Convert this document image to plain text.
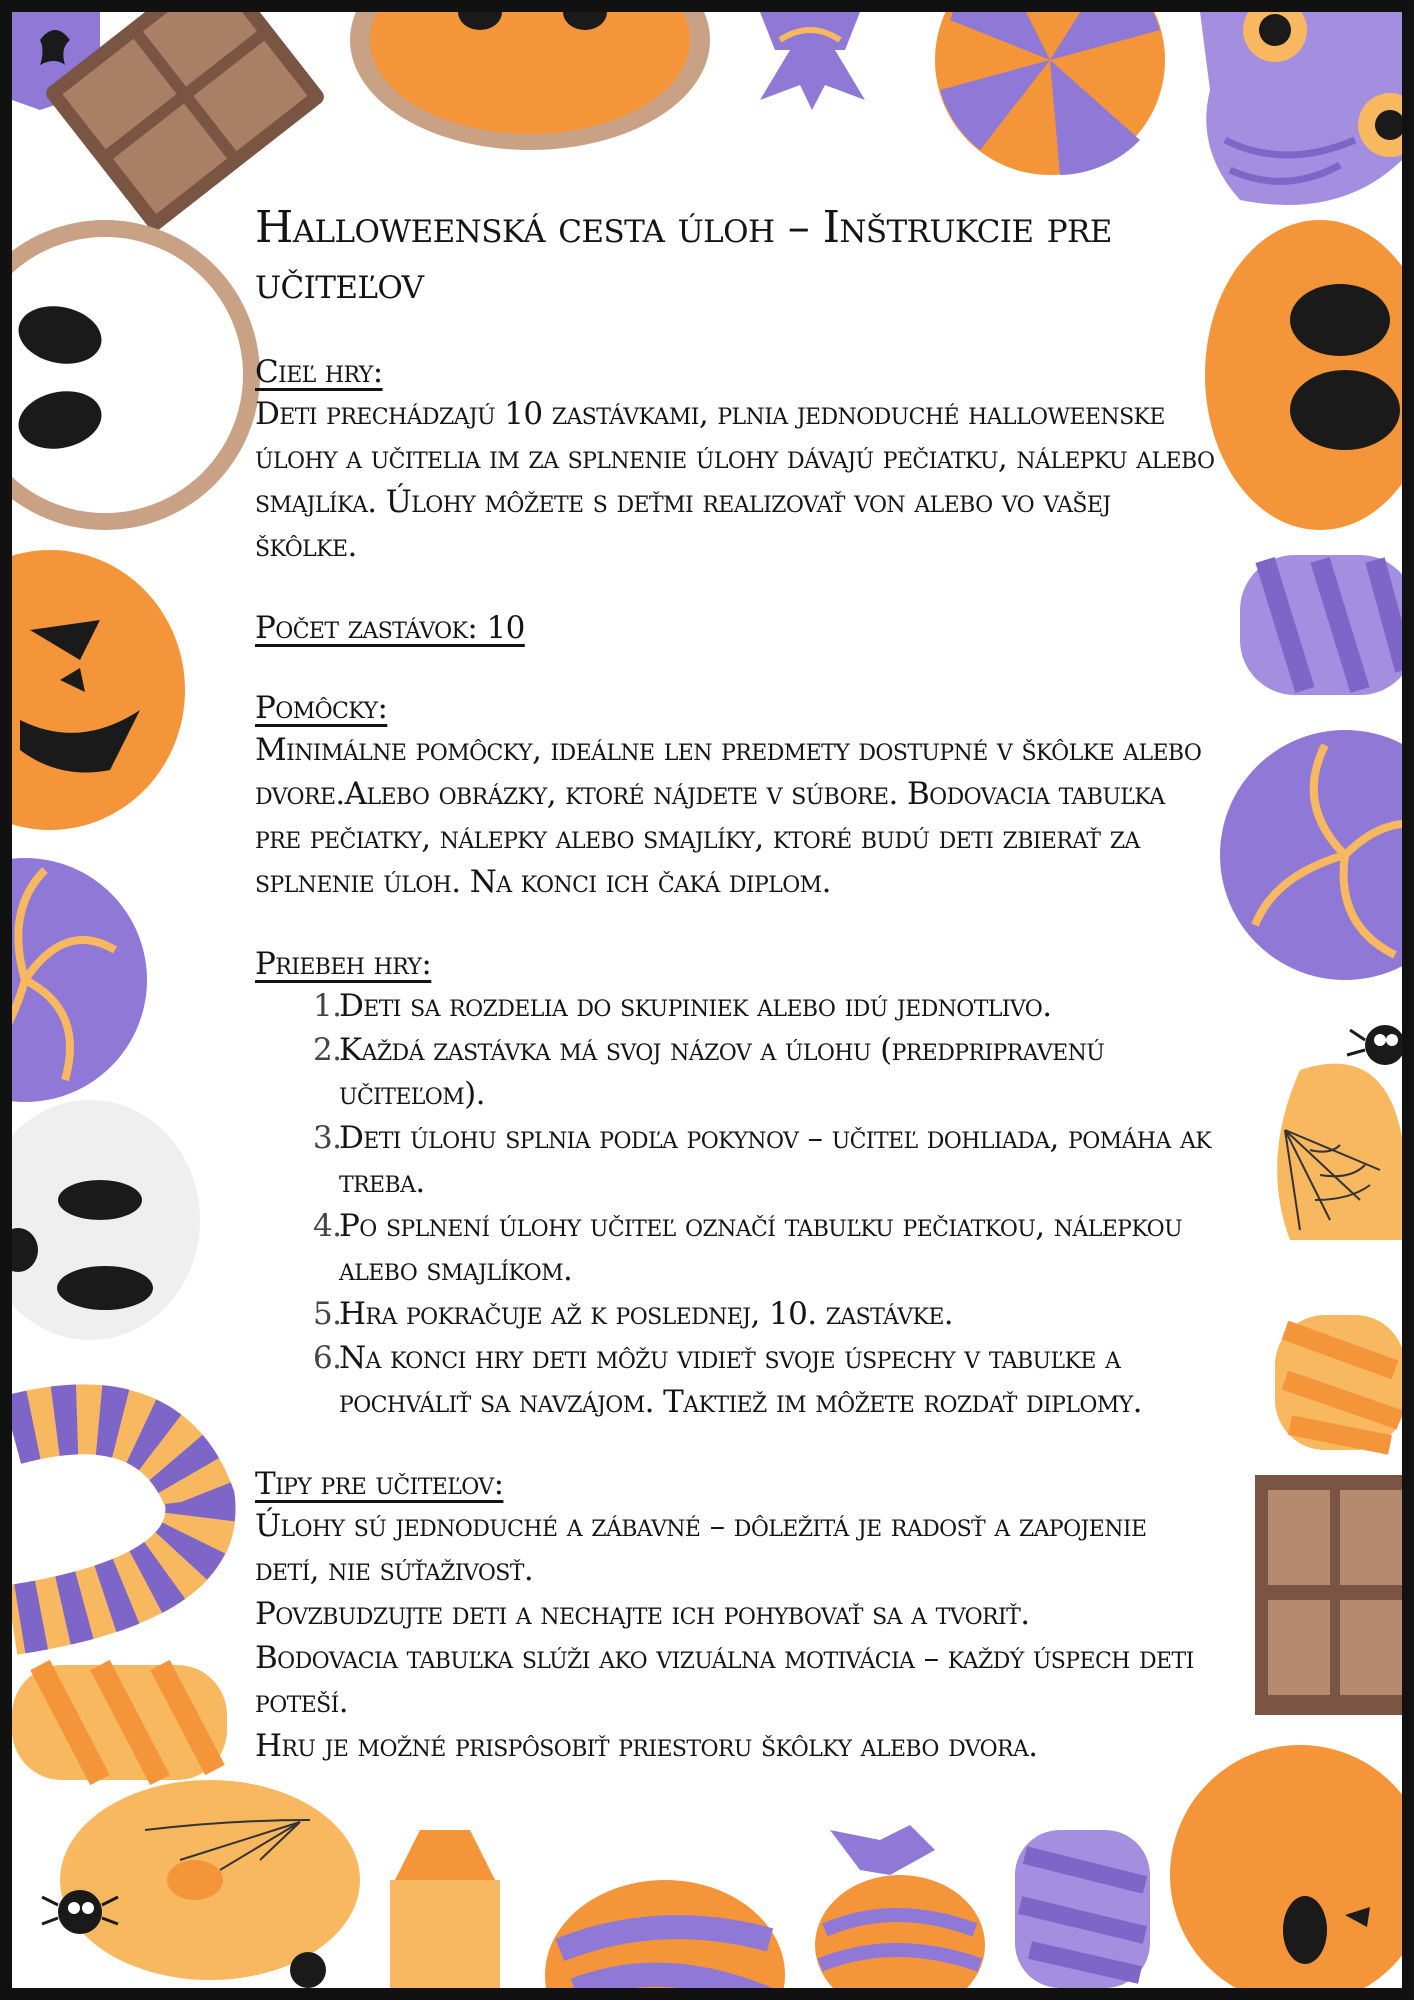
Halloweenská cesta úloh – Inštrukcie pre učiteľov
Cieľ hry:
Deti prechádzajú 10 zastávkami, plnia jednoduché halloweenske úlohy a učitelia im za splnenie úlohy dávajú pečiatku, nálepku alebo smajlíka. Úlohy môžete s deťmi realizovať von alebo vo vašej škôlke.
Počet zastávok: 10
Pomôcky:
Minimálne pomôcky, ideálne len predmety dostupné v škôlke alebo dvore.Alebo obrázky, ktoré nájdete v súbore. Bodovacia tabuľka pre pečiatky, nálepky alebo smajlíky, ktoré budú deti zbierať za splnenie úloh. Na konci ich čaká diplom.
Priebeh hry:
1.
Deti sa rozdelia do skupiniek alebo idú jednotlivo.
2.
Každá zastávka má svoj názov a úlohu (predpripravenú učiteľom).
3.
Deti úlohu splnia podľa pokynov – učiteľ dohliada, pomáha ak treba.
4.
Po splnení úlohy učiteľ označí tabuľku pečiatkou, nálepkou alebo smajlíkom.
5.
Hra pokračuje až k poslednej, 10. zastávke.
6.
Na konci hry deti môžu vidieť svoje úspechy v tabuľke a pochváliť sa navzájom. Taktiež im môžete rozdať diplomy.
Tipy pre učiteľov:

Úlohy sú jednoduché a zábavné – dôležitá je radosť a zapojenie detí, nie súťaživosť.

Povzbudzujte deti a nechajte ich pohybovať sa a tvoriť.

Bodovacia tabuľka slúži ako vizuálna motivácia – každý úspech deti poteší.

Hru je možné prispôsobiť priestoru škôlky alebo dvora.
